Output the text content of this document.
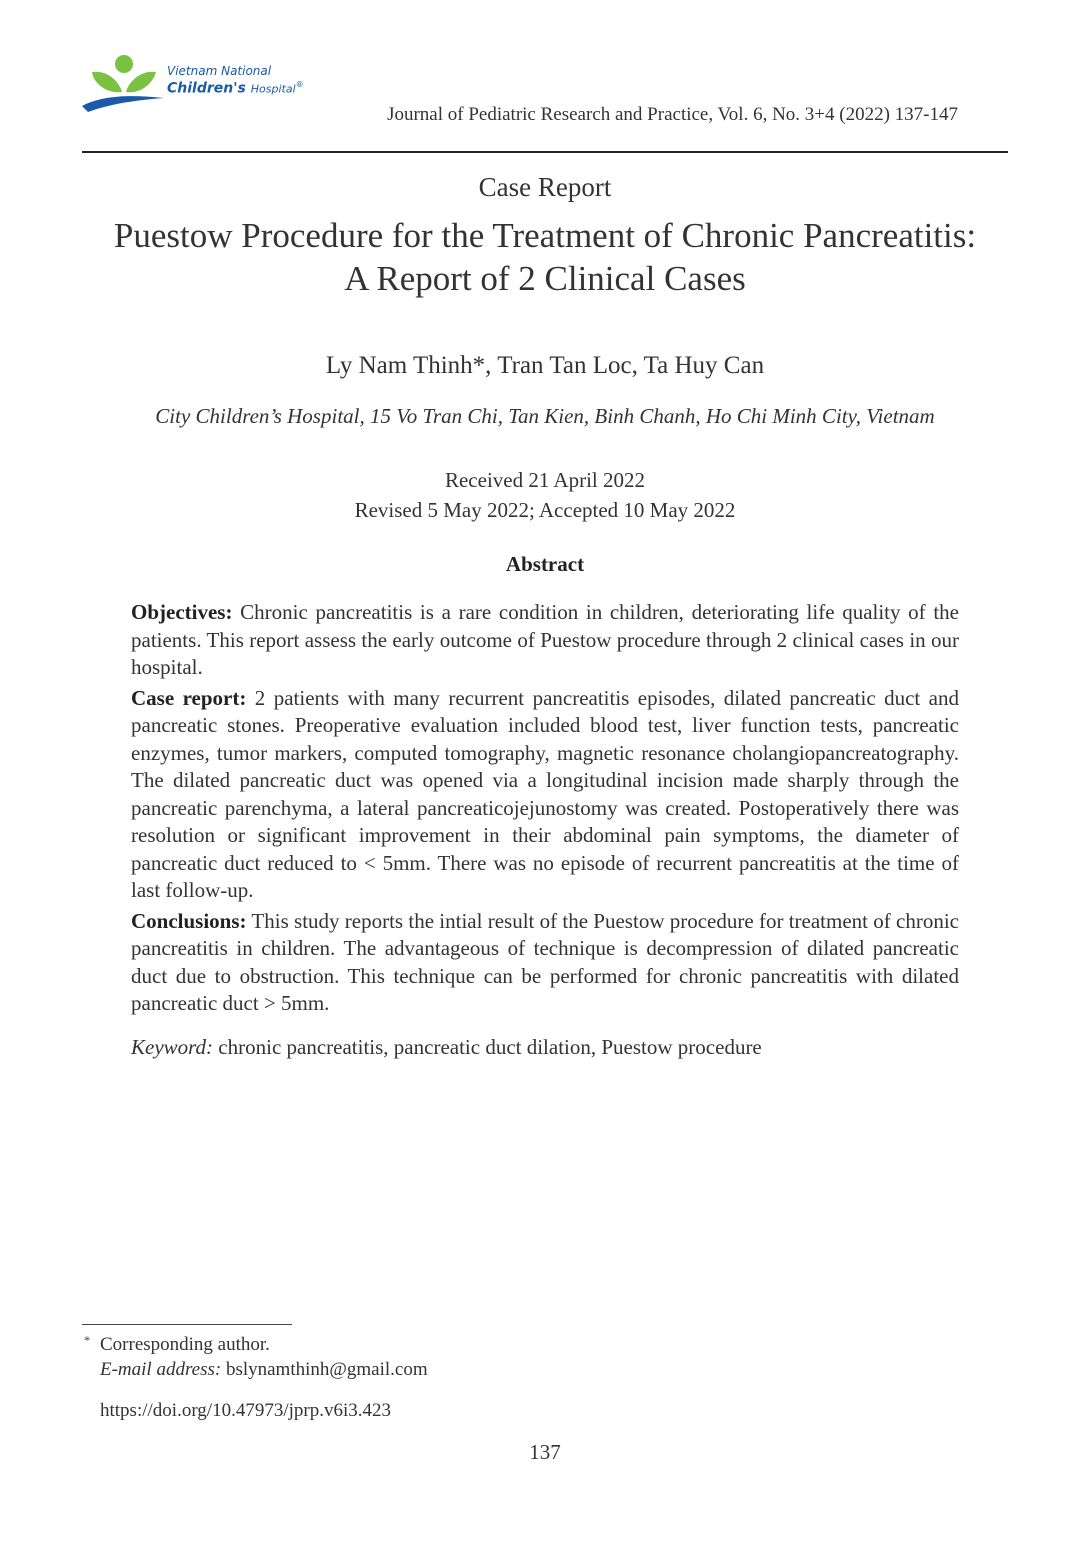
Vietnam National
Children's Hospital®
Journal of Pediatric Research and Practice, Vol. 6, No. 3+4 (2022) 137-147
Case Report
Puestow Procedure for the Treatment of Chronic Pancreatitis:
A Report of 2 Clinical Cases
Ly Nam Thinh*, Tran Tan Loc, Ta Huy Can
City Children’s Hospital, 15 Vo Tran Chi, Tan Kien, Binh Chanh, Ho Chi Minh City, Vietnam
Received 21 April 2022
Revised 5 May 2022; Accepted 10 May 2022
Abstract

Objectives: Chronic pancreatitis is a rare condition in children, deteriorating life quality of the patients. This report assess the early outcome of Puestow procedure through 2 clinical cases in our hospital.

Case report: 2 patients with many recurrent pancreatitis episodes, dilated pancreatic duct and pancreatic stones. Preoperative evaluation included blood test, liver function tests, pancreatic enzymes, tumor markers, computed tomography, magnetic resonance cholangiopancreatography. The dilated pancreatic duct was opened via a longitudinal incision made sharply through the pancreatic parenchyma, a lateral pancreaticojejunostomy was created. Postoperatively there was resolution or significant improvement in their abdominal pain symptoms, the diameter of pancreatic duct reduced to < 5mm. There was no episode of recurrent pancreatitis at the time of last follow-up.

Conclusions: This study reports the intial result of the Puestow procedure for treatment of chronic pancreatitis in children. The advantageous of technique is decompression of dilated pancreatic duct due to obstruction. This technique can be performed for chronic pancreatitis with dilated pancreatic duct > 5mm.

Keyword: chronic pancreatitis, pancreatic duct dilation, Puestow procedure

* Corresponding author.
E-mail address: bslynamthinh@gmail.com
https://doi.org/10.47973/jprp.v6i3.423
137
